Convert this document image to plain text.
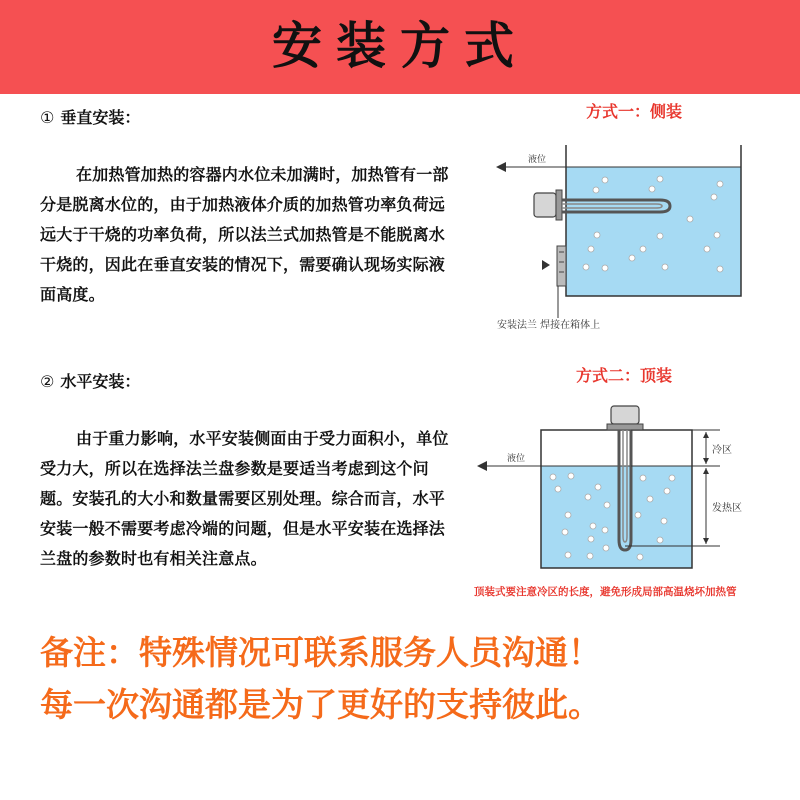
安装方式
① 垂直安装：
在加热管加热的容器内水位未加满时，加热管有一部分是脱离水位的，由于加热液体介质的加热管功率负荷远远大于干烧的功率负荷，所以法兰式加热管是不能脱离水干烧的，因此在垂直安装的情况下，需要确认现场实际液面高度。
② 水平安装：
由于重力影响，水平安装侧面由于受力面积小，单位受力大，所以在选择法兰盘参数是要适当考虑到这个问题。安装孔的大小和数量需要区别处理。综合而言，水平安装一般不需要考虑冷端的问题，但是水平安装在选择法兰盘的参数时也有相关注意点。
方式一：侧装
液位
安装法兰 焊接在箱体上
方式二：顶装
液位
冷区
发热区
顶装式要注意冷区的长度，避免形成局部高温烧坏加热管
备注：特殊情况可联系服务人员沟通！
每一次沟通都是为了更好的支持彼此。
